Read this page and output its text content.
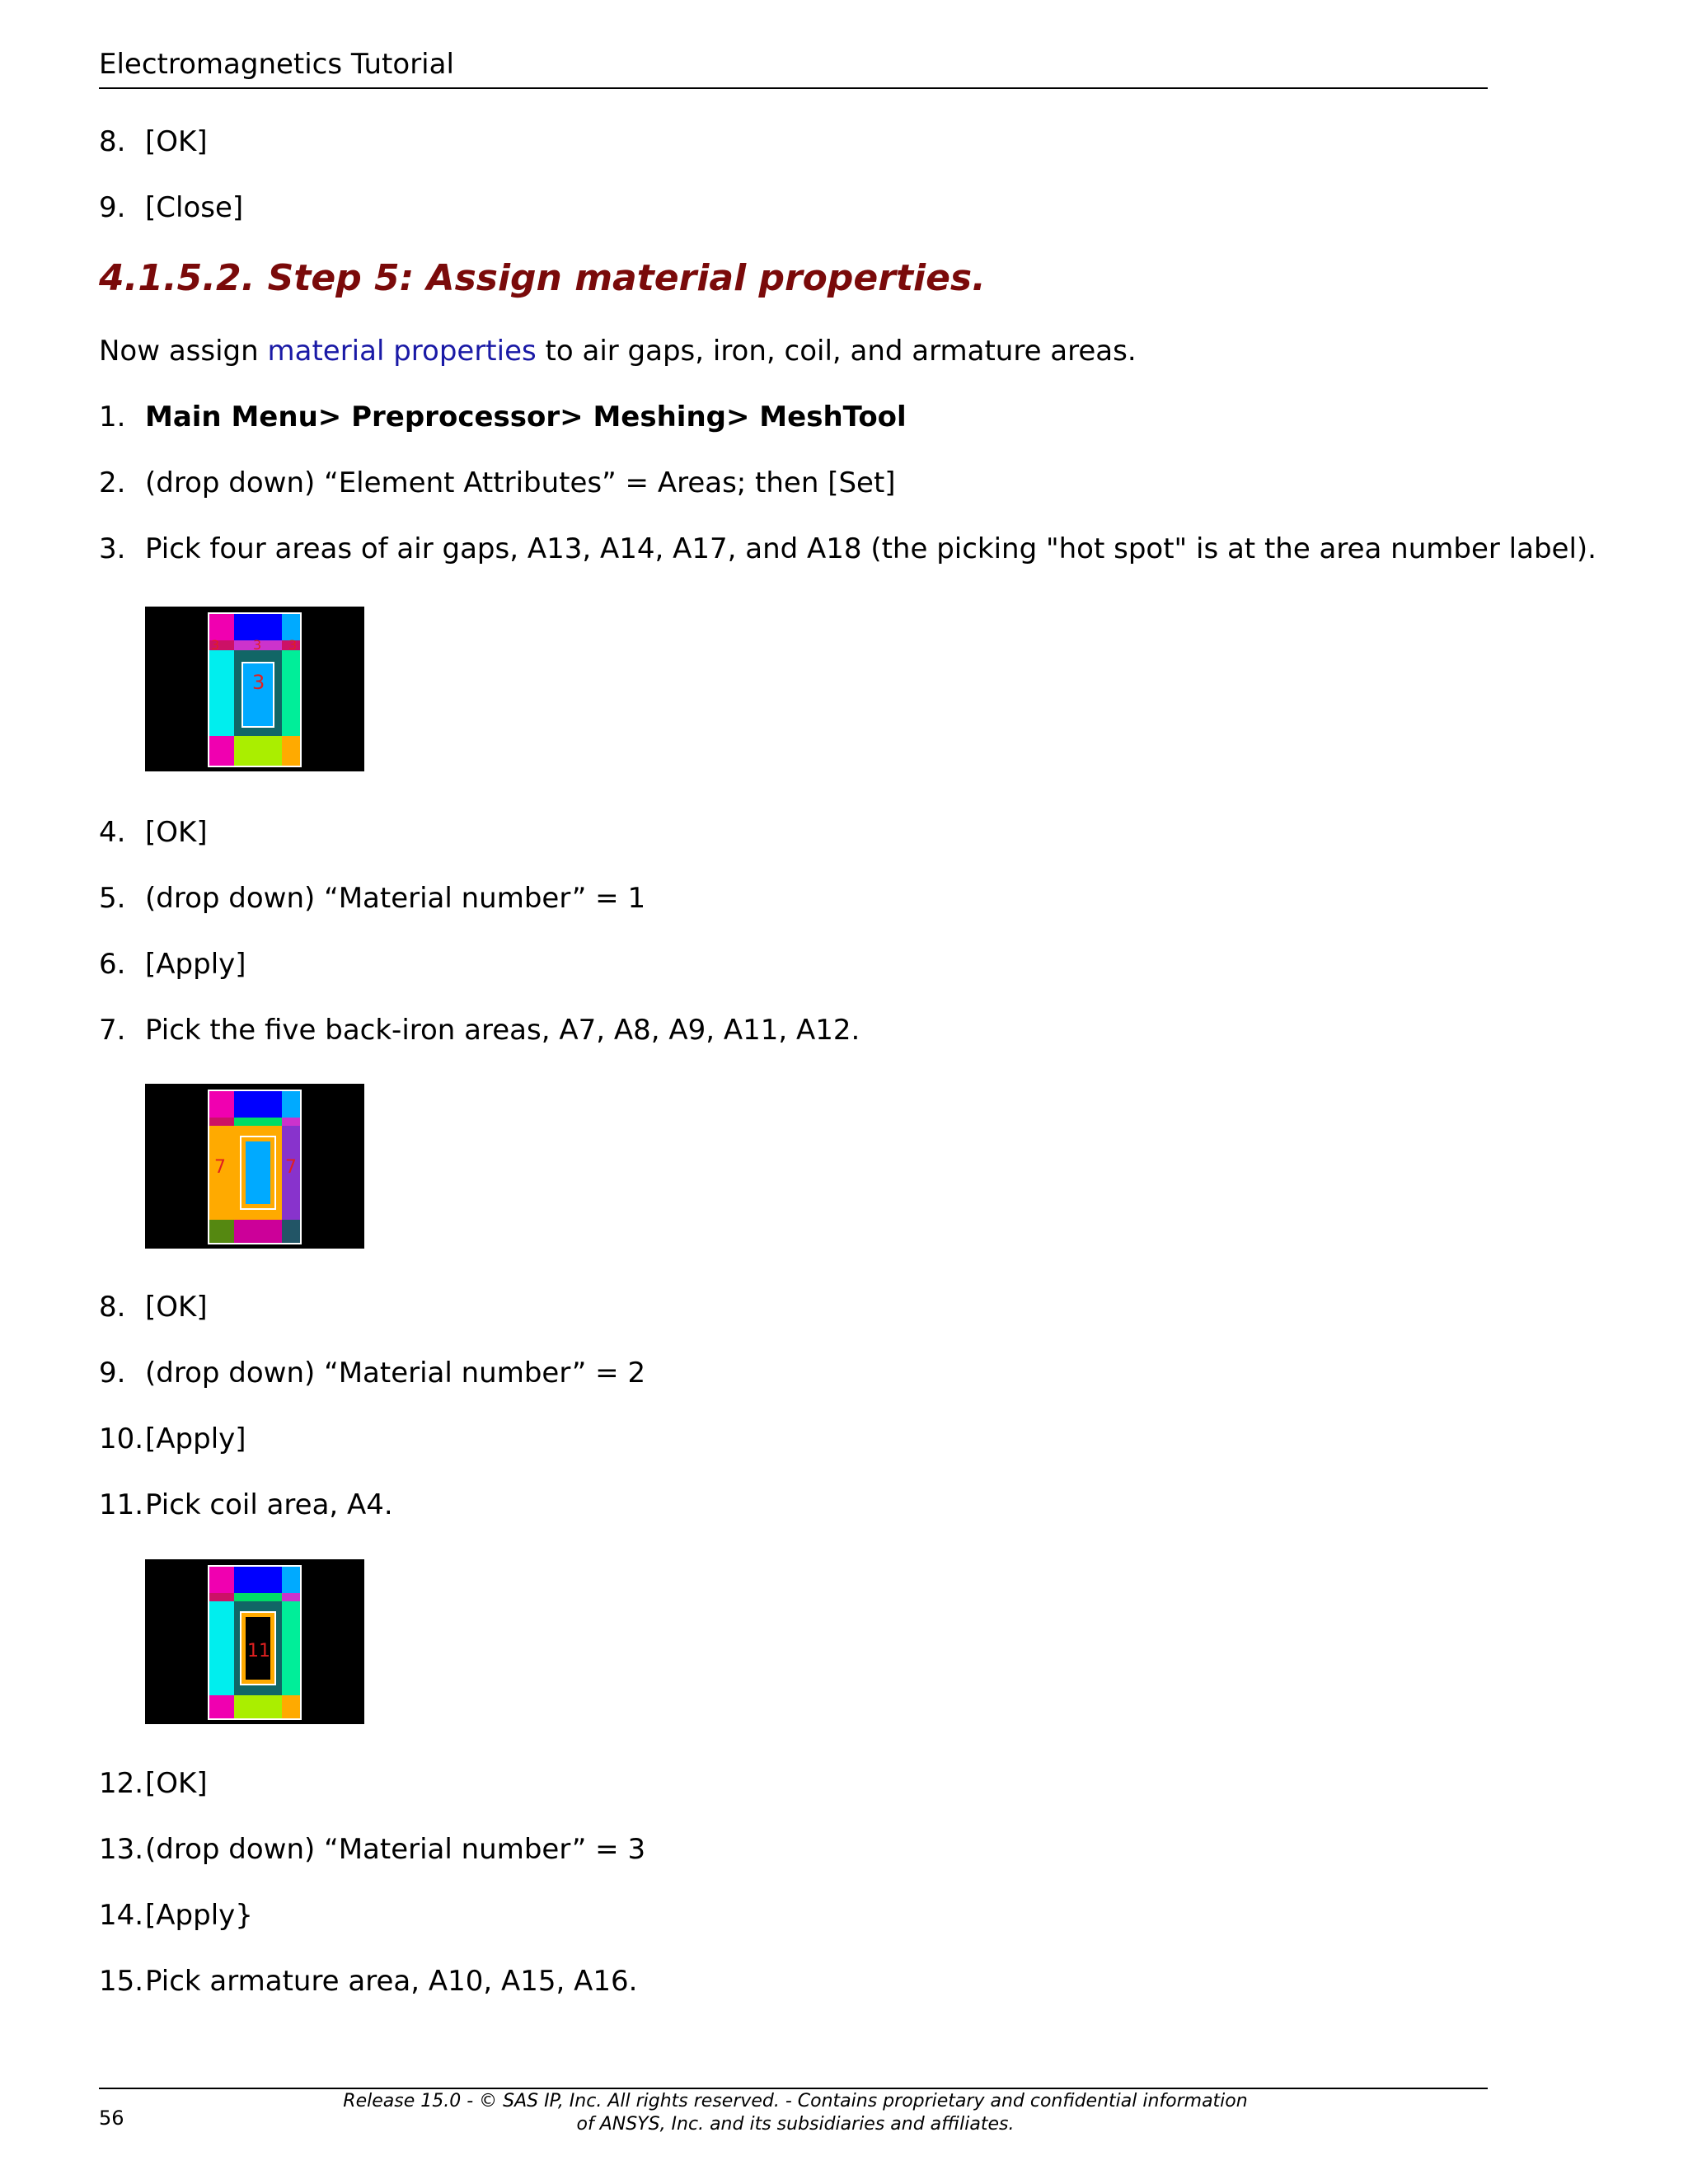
Electromagnetics Tutorial
8. [OK]
9. [Close]
4.1.5.2. Step 5: Assign material properties.
Now assign material properties to air gaps, iron, coil, and armature areas.
1. Main Menu> Preprocessor> Meshing> MeshTool
2. (drop down) “Element Attributes” = Areas; then [Set]
3. Pick four areas of air gaps, A13, A14, A17, and A18 (the picking "hot spot" is at the area number label).
3	3 3
3
4. [OK]
5. (drop down) “Material number” = 1
6. [Apply]
7. Pick the five back-iron areas, A7, A8, A9, A11, A12.
7	7
8. [OK]
9. (drop down) “Material number” = 2
10.[Apply]
11.Pick coil area, A4.
11
12.[OK]
13.(drop down) “Material number” = 3
14.[Apply}
15.Pick armature area, A10, A15, A16.
56
Release 15.0 - © SAS IP, Inc. All rights reserved. - Contains proprietary and confidential information
of ANSYS, Inc. and its subsidiaries and affiliates.
